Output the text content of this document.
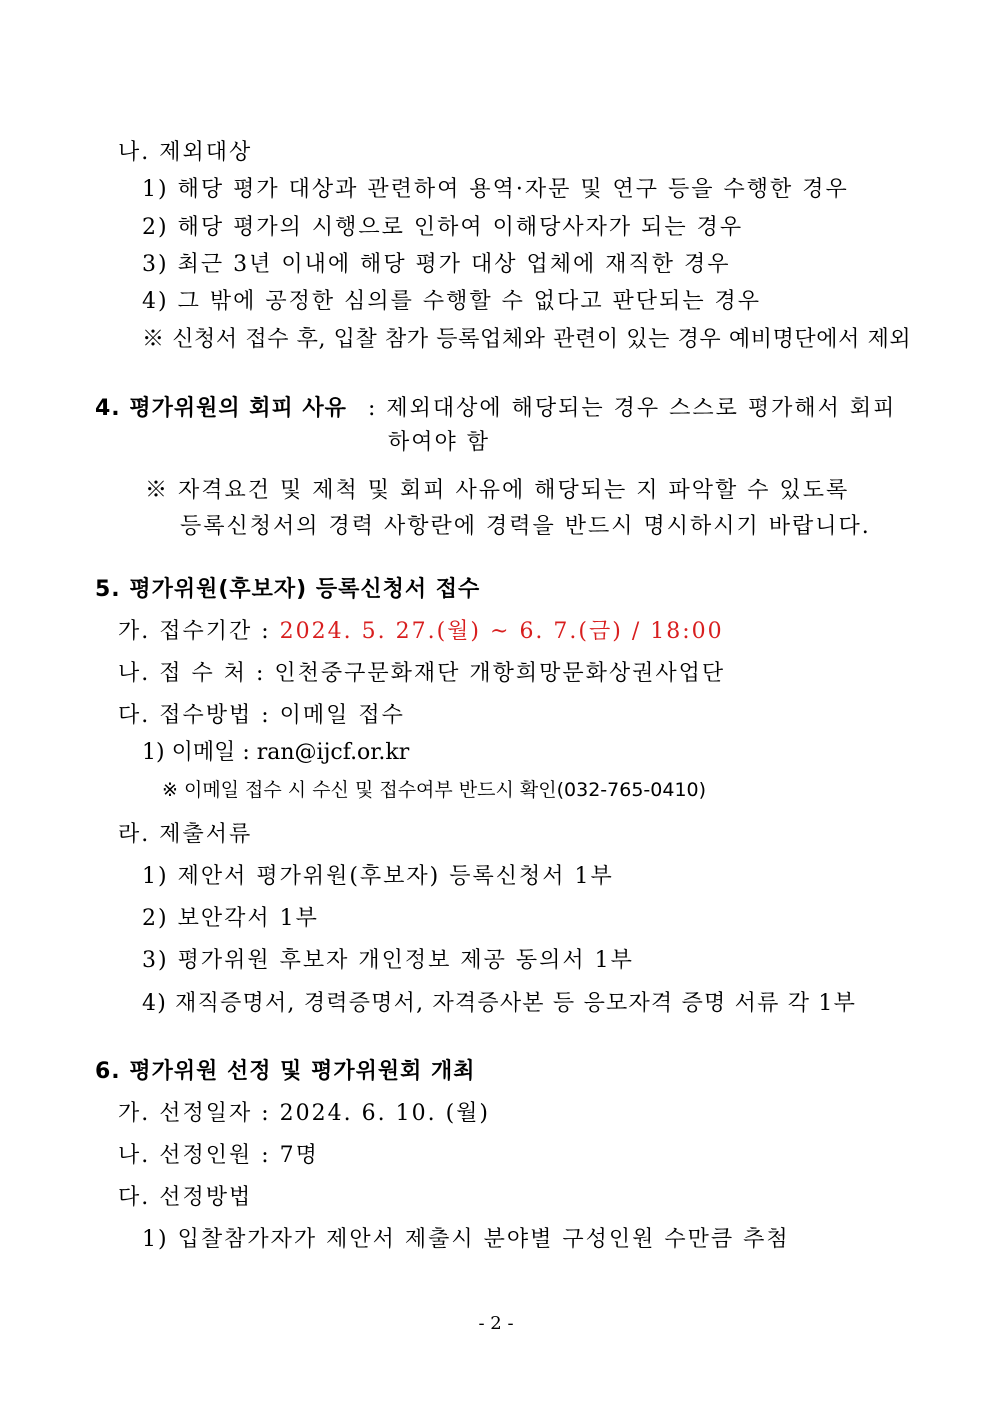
나. 제외대상
1) 해당 평가 대상과 관련하여 용역·자문 및 연구 등을 수행한 경우
2) 해당 평가의 시행으로 인하여 이해당사자가 되는 경우
3) 최근 3년 이내에 해당 평가 대상 업체에 재직한 경우
4) 그 밖에 공정한 심의를 수행할 수 없다고 판단되는 경우
※ 신청서 접수 후, 입찰 참가 등록업체와 관련이 있는 경우 예비명단에서 제외
4. 평가위원의 회피 사유 : 제외대상에 해당되는 경우 스스로 평가해서 회피
하여야 함
※ 자격요건 및 제척 및 회피 사유에 해당되는 지 파악할 수 있도록
등록신청서의 경력 사항란에 경력을 반드시 명시하시기 바랍니다.
5. 평가위원(후보자) 등록신청서 접수
가. 접수기간 : 2024. 5. 27.(월) ~ 6. 7.(금) / 18:00
나. 접 수 처 : 인천중구문화재단 개항희망문화상권사업단
다. 접수방법 : 이메일 접수
1) 이메일 : ran@ijcf.or.kr
※ 이메일 접수 시 수신 및 접수여부 반드시 확인(032-765-0410)
라. 제출서류
1) 제안서 평가위원(후보자) 등록신청서 1부
2) 보안각서 1부
3) 평가위원 후보자 개인정보 제공 동의서 1부
4) 재직증명서, 경력증명서, 자격증사본 등 응모자격 증명 서류 각 1부
6. 평가위원 선정 및 평가위원회 개최
가. 선정일자 : 2024. 6. 10. (월)
나. 선정인원 : 7명
다. 선정방법
1) 입찰참가자가 제안서 제출시 분야별 구성인원 수만큼 추첨
- 2 -
